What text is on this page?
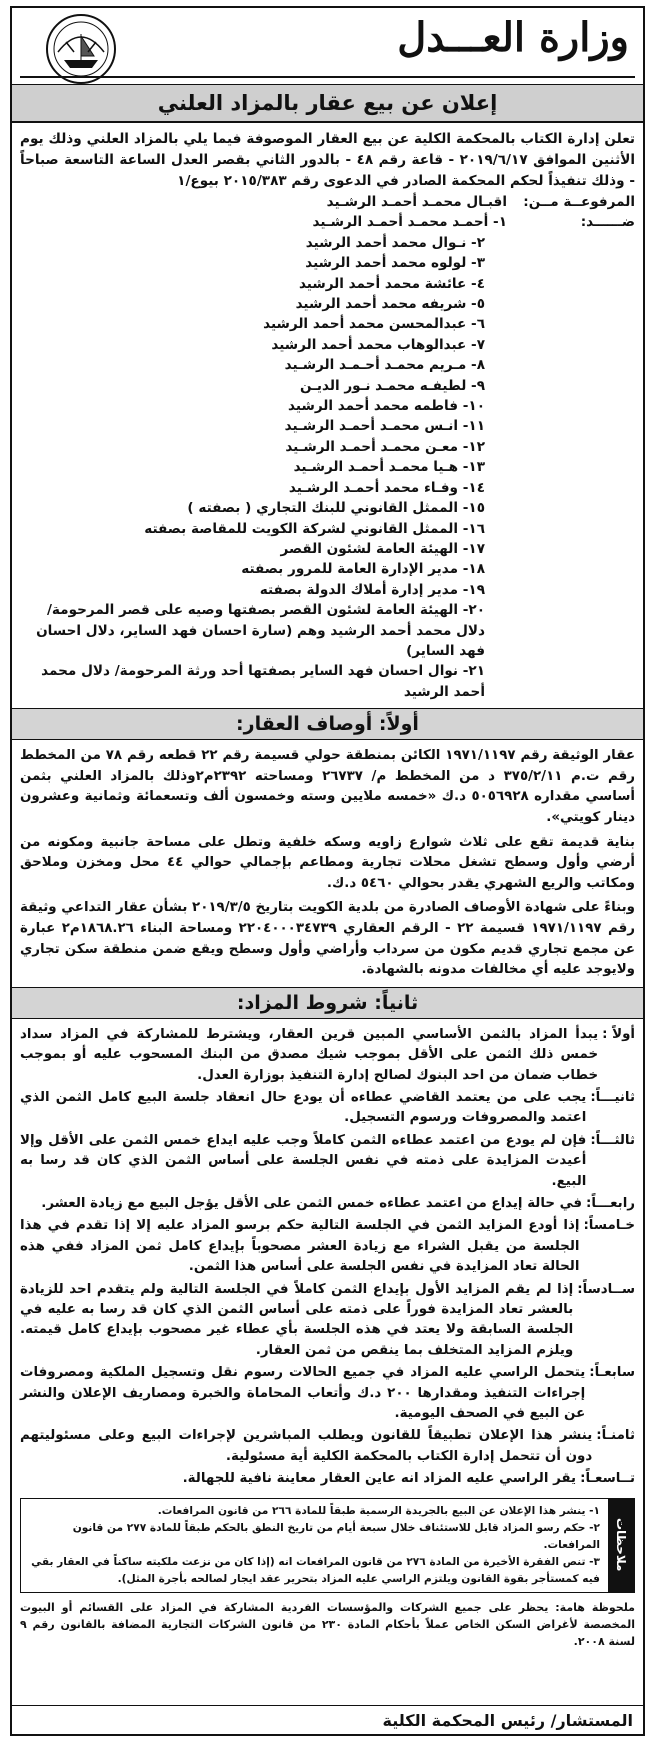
وزارة العـــدل
إعلان عن بيع عقار بالمزاد العلني
تعلن إدارة الكتاب بالمحكمة الكلية عن بيع العقار الموصوفة فيما يلي بالمزاد العلني وذلك يوم الأثنين الموافق ٢٠١٩/٦/١٧ - قاعة رقم ٤٨ - بالدور الثاني بقصر العدل الساعة التاسعة صباحاً - وذلك تنفيذاً لحكم المحكمة الصادر في الدعوى رقم ٢٠١٥/٣٨٣ بيوع/١
المرفوعــة مــن:
اقبـال محمـد أحمـد الرشـيد
ضــــــد:
١- أحمـد محمـد أحمـد الرشـيد
٢- نـوال محمد أحمد الرشيد
٣- لولوه محمد أحمد الرشيد
٤- عائشة محمد أحمد الرشيد
٥- شريفه محمد أحمد الرشيد
٦- عبدالمحسن محمد أحمد الرشيد
٧- عبدالوهاب محمد أحمد الرشيد
٨- مـريم محمـد أحـمـد الرشـيد
٩- لطيفـه محمـد نـور الديـن
١٠- فاطمه محمد أحمد الرشيد
١١- انـس محمـد أحمـد الرشـيد
١٢- معـن محمـد أحمـد الرشـيد
١٣- هـيا محمـد أحمـد الرشـيد
١٤- وفـاء محمد أحمـد الرشـيد
١٥- الممثل القانوني للبنك التجاري ( بصفته )
١٦- الممثل القانوني لشركة الكويت للمقاصة بصفته
١٧- الهيئة العامة لشئون القصر
١٨- مدير الإدارة العامة للمرور بصفته
١٩- مدير إدارة أملاك الدولة بصفته
٢٠- الهيئة العامة لشئون القصر بصفتها وصيه على قصر المرحومة/ دلال محمد أحمد الرشيد وهم (سارة احسان فهد الساير، دلال احسان فهد الساير)
٢١- نوال احسان فهد الساير بصفتها أحد ورثة المرحومة/ دلال محمد أحمد الرشيد
أولاً: أوصاف العقار:

عقار الوثيقة رقم ١٩٧١/١١٩٧ الكائن بمنطقة حولي قسيمة رقم ٢٢ قطعه رقم ٧٨ من المخطط رقم ت.م ٣٧٥/٢/١١ د من المخطط م/ ٢٦٧٣٧ ومساحته ٢٣٩٢م٢وذلك بالمزاد العلني بثمن أساسي مقداره ٥٠٥٦٩٢٨ د.ك «خمسه ملايين وسته وخمسون ألف وتسعمائة وثمانية وعشرون دينار كويتي».

بناية قديمة تقع على ثلاث شوارع زاويه وسكه خلفية وتطل على مساحة جانبية ومكونه من أرضي وأول وسطح تشغل محلات تجارية ومطاعم بإجمالي حوالي ٤٤ محل ومخزن وملاحق ومكاتب والريع الشهري يقدر بحوالي ٥٤٦٠ د.ك.

وبناءً على شهادة الأوصاف الصادرة من بلدية الكويت بتاريخ ٢٠١٩/٣/٥ بشأن عقار التداعي وثيقة رقم ١٩٧١/١١٩٧ قسيمة ٢٢ - الرقم العقاري ٢٢٠٤٠٠٠٣٤٧٣٩ ومساحة البناء ١٨٦٨.٢٦م٢ عبارة عن مجمع تجاري قديم مكون من سرداب وأراضي وأول وسطح ويقع ضمن منطقة سكن تجاري ولايوجد عليه أي مخالفات مدونه بالشهادة.

ثانياً: شروط المزاد:
أولاً :
يبدأ المزاد بالثمن الأساسي المبين قرين العقار، ويشترط للمشاركة في المزاد سداد خمس ذلك الثمن على الأقل بموجب شيك مصدق من البنك المسحوب عليه أو بموجب خطاب ضمان من احد البنوك لصالح إدارة التنفيذ بوزارة العدل.
ثانيـــاً:
يجب على من يعتمد القاضي عطاءه أن يودع حال انعقاد جلسة البيع كامل الثمن الذي اعتمد والمصروفات ورسوم التسجيل.
ثالثـــاً:
فإن لم يودع من اعتمد عطاءه الثمن كاملاً وجب عليه ايداع خمس الثمن على الأقل وإلا أعيدت المزايدة على ذمته في نفس الجلسة على أساس الثمن الذي كان قد رسا به البيع.
رابعـــاً:
في حالة إيداع من اعتمد عطاءه خمس الثمن على الأقل يؤجل البيع مع زيادة العشر.
خـامساً:
إذا أودع المزايد الثمن في الجلسة التالية حكم برسو المزاد عليه إلا إذا تقدم في هذا الجلسة من يقبل الشراء مع زيادة العشر مصحوباً بإيداع كامل ثمن المزاد ففي هذه الحالة تعاد المزايدة في نفس الجلسة على أساس هذا الثمن.
ســادساً:
إذا لم يقم المزايد الأول بإيداع الثمن كاملاً في الجلسة التالية ولم يتقدم احد للزيادة بالعشر تعاد المزايدة فوراً على ذمته على أساس الثمن الذي كان قد رسا به عليه في الجلسة السابقة ولا يعتد في هذه الجلسة بأي عطاء غير مصحوب بإيداع كامل قيمته. ويلزم المزايد المتخلف بما ينقص من ثمن العقار.
سابعـاً:
يتحمل الراسي عليه المزاد في جميع الحالات رسوم نقل وتسجيل الملكية ومصروفات إجراءات التنفيذ ومقدارها ٢٠٠ د.ك وأتعاب المحاماة والخبرة ومصاريف الإعلان والنشر عن البيع في الصحف اليومية.
ثامنـاً:
ينشر هذا الإعلان تطبيقاً للقانون ويطلب المباشرين لإجراءات البيع وعلى مسئوليتهم دون أن تتحمل إدارة الكتاب بالمحكمة الكلية أية مسئولية.
تــاسعـاً:
يقر الراسي عليه المزاد انه عاين العقار معاينة نافية للجهالة.
ملاحظات
١- ينشر هذا الإعلان عن البيع بالجريدة الرسمية طبقاً للمادة ٢٦٦ من قانون المرافعات.
٢- حكم رسو المزاد قابل للاستئناف خلال سبعة أيام من تاريخ النطق بالحكم طبقاً للمادة ٢٧٧ من قانون المرافعات.
٣- تنص الفقرة الأخيرة من المادة ٢٧٦ من قانون المرافعات انه (إذا كان من نزعت ملكيته ساكناً في العقار بقي فيه كمستأجر بقوة القانون ويلتزم الراسي عليه المزاد بتحرير عقد ايجار لصالحه بأجرة المثل).
ملحوظة هامة: يحظر على جميع الشركات والمؤسسات الفردية المشاركة في المزاد على القسائم أو البيوت المخصصة لأغراض السكن الخاص عملاً بأحكام المادة ٢٣٠ من قانون الشركات التجارية المضافة بالقانون رقم ٩ لسنة ٢٠٠٨.
المستشار/ رئيس المحكمة الكلية
